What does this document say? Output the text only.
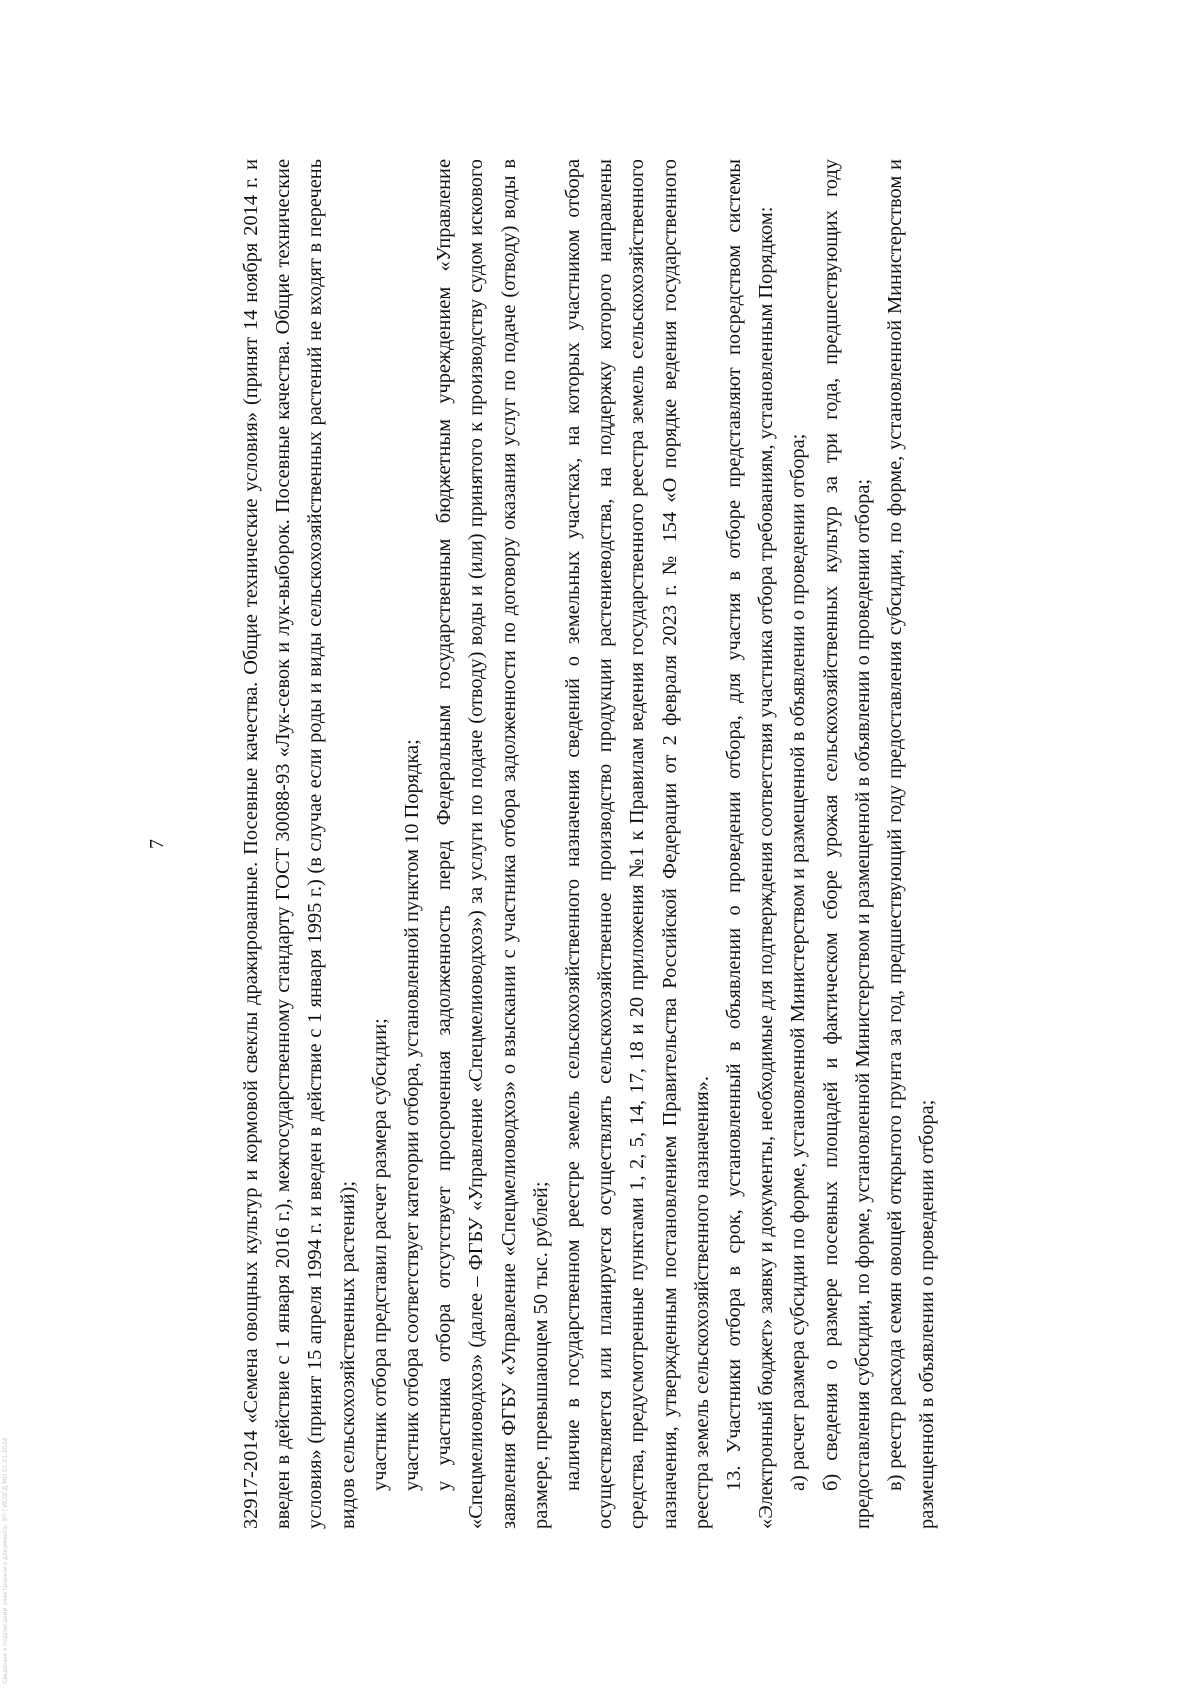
7	32917-2014 «Семена овощных культур и кормовой свеклы дражированные. Посевные качества. Общие технические условия» (принят 14 ноября 2014 г. и введен в действие с 1 января 2016 г.), межгосударственному стандарту ГОСТ 30088-93 «Лук-севок и лук-выборок. Посевные качества. Общие технические условия» (принят 15 апреля 1994 г. и введен в действие с 1 января 1995 г.) (в случае если роды и виды сельскохозяйственных растений не входят в перечень видов сельскохозяйственных растений); участник отбора представил расчет размера субсидии; участник отбора соответствует категории отбора, установленной пунктом 10 Порядка; у участника отбора отсутствует просроченная задолженность перед Федеральным государственным бюджетным учреждением «Управление «Спецмелиоводхоз» (далее – ФГБУ «Управление «Спецмелиоводхоз») за услуги по подаче (отводу) воды и (или) принятого к производству судом искового заявления ФГБУ «Управление «Спецмелиоводхоз» о взыскании с участника отбора задолженности по договору оказания услуг по подаче (отводу) воды в размере, превышающем 50 тыс. рублей; наличие в государственном реестре земель сельскохозяйственного назначения сведений о земельных участках, на которых участником отбора осуществляется или планируется осуществлять сельскохозяйственное производство продукции растениеводства, на поддержку которого направлены средства, предусмотренные пунктами 1, 2, 5, 14, 17, 18 и 20 приложения №1 к Правилам ведения государственного реестра земель сельскохозяйственного назначения, утвержденным постановлением Правительства Российской Федерации от 2 февраля 2023 г. № 154 «О порядке ведения государственного реестра земель сельскохозяйственного назначения». 13. Участники отбора в срок, установленный в объявлении о проведении отбора, для участия в отборе представляют посредством системы «Электронный бюджет» заявку и документы, необходимые для подтверждения соответствия участника отбора требованиям, установленным Порядком: а) расчет размера субсидии по форме, установленной Министерством и размещенной в объявлении о проведении отбора; б) сведения о размере посевных площадей и фактическом сборе урожая сельскохозяйственных культур за три года, предшествующих году предоставления субсидии, по форме, установленной Министерством и размещенной в объявлении о проведении отбора; в) реестр расхода семян овощей открытого грунта за год, предшествующий году предоставления субсидии, по форме, установленной Министерством и размещенной в объявлении о проведении отбора;

Сведения о подписании электронного документа: ЭП ГИСОГД МО 01.01.2024
